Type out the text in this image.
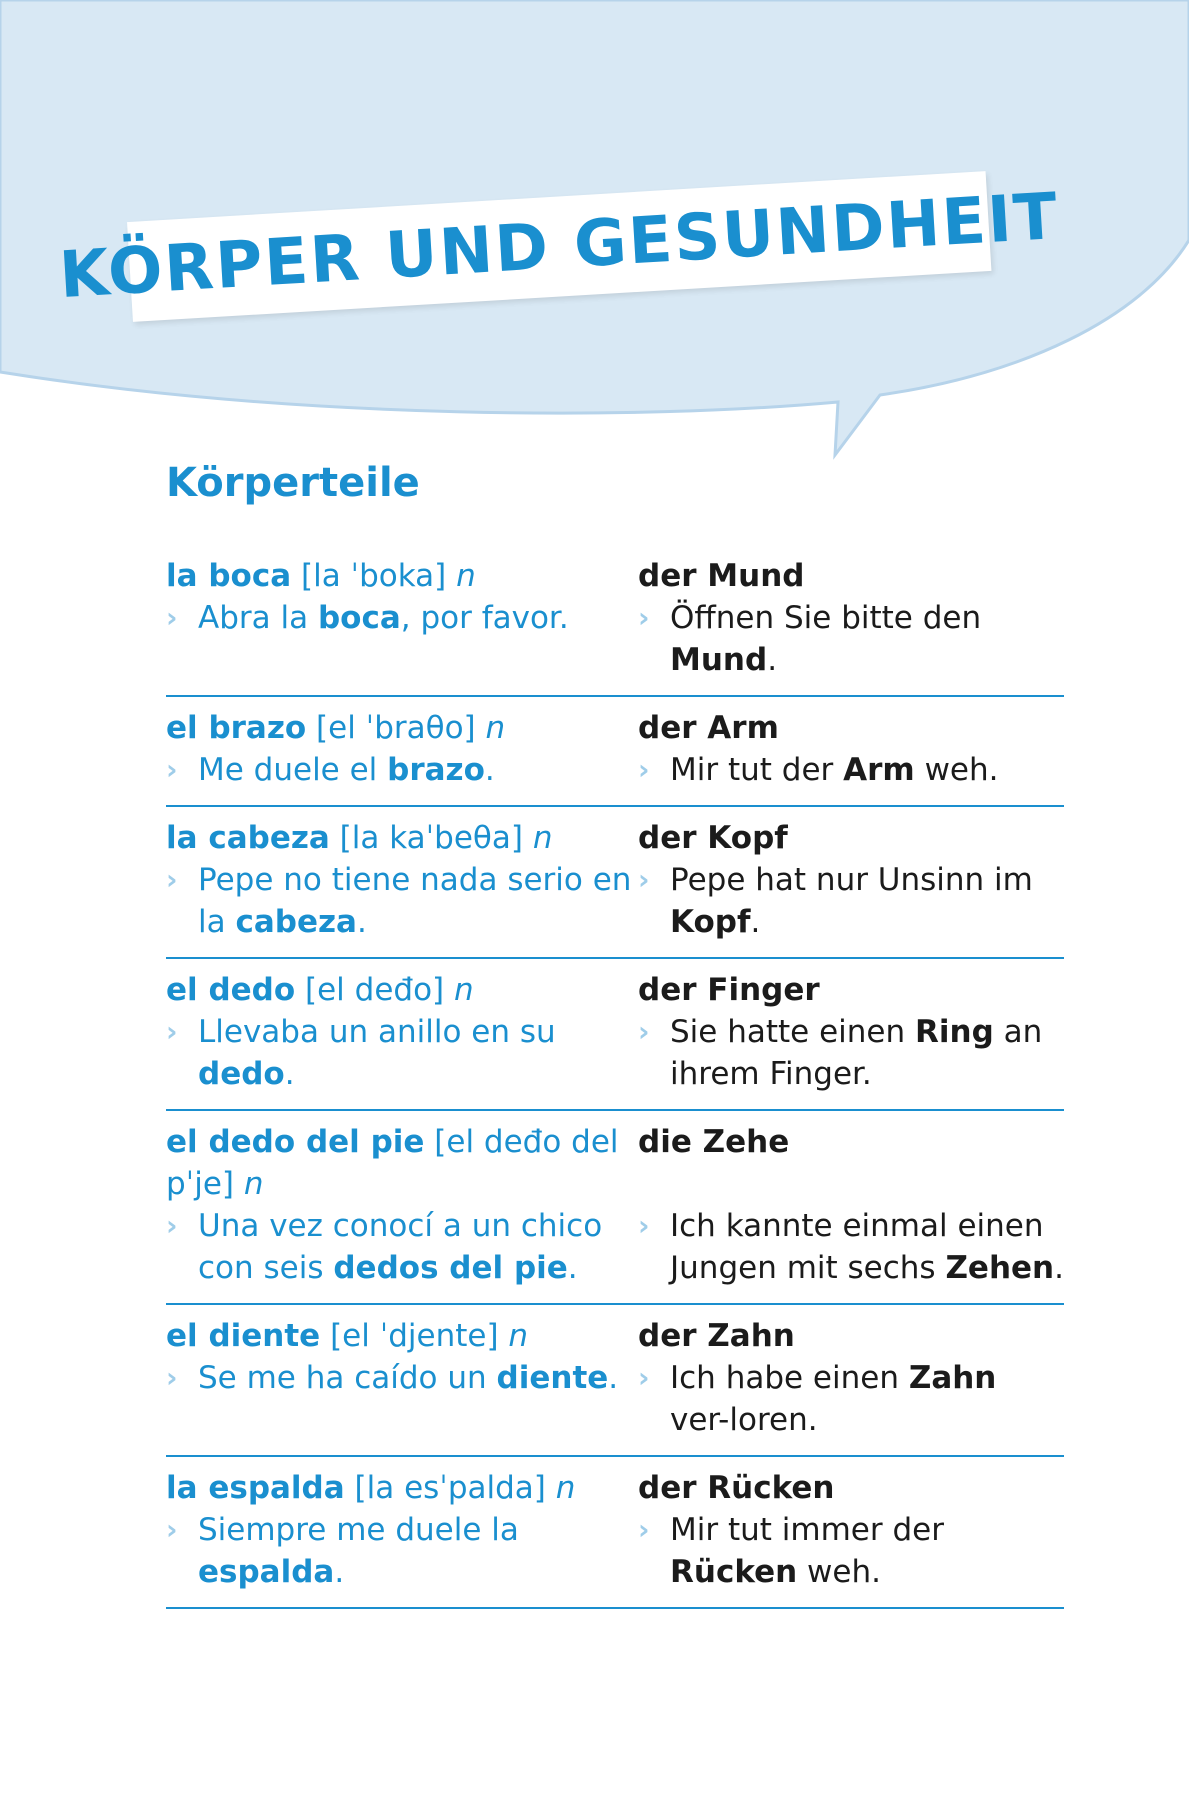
KÖRPER UND GESUNDHEIT
Körperteile
la boca [la ˈboka] n
› Abra la boca, por favor.
der Mund
› Öffnen Sie bitte den Mund.
el brazo [el ˈbraθo] n
› Me duele el brazo.
der Arm
› Mir tut der Arm weh.
la cabeza [la kaˈbeθa] n
› Pepe no tiene nada serio en la cabeza.
der Kopf
› Pepe hat nur Unsinn im Kopf.
el dedo [el deđo] n
› Llevaba un anillo en su dedo.
der Finger
› Sie hatte einen Ring an ihrem Finger.
el dedo del pie [el deđo del pˈje] n
› Una vez conocí a un chico con seis dedos del pie.
die Zehe
› Ich kannte einmal einen Jungen mit sechs Zehen.
el diente [el ˈdjente] n
› Se me ha caído un diente.
der Zahn
› Ich habe einen Zahn ver-loren.
la espalda [la esˈpalda] n
› Siempre me duele la espalda.
der Rücken
› Mir tut immer der Rücken weh.
